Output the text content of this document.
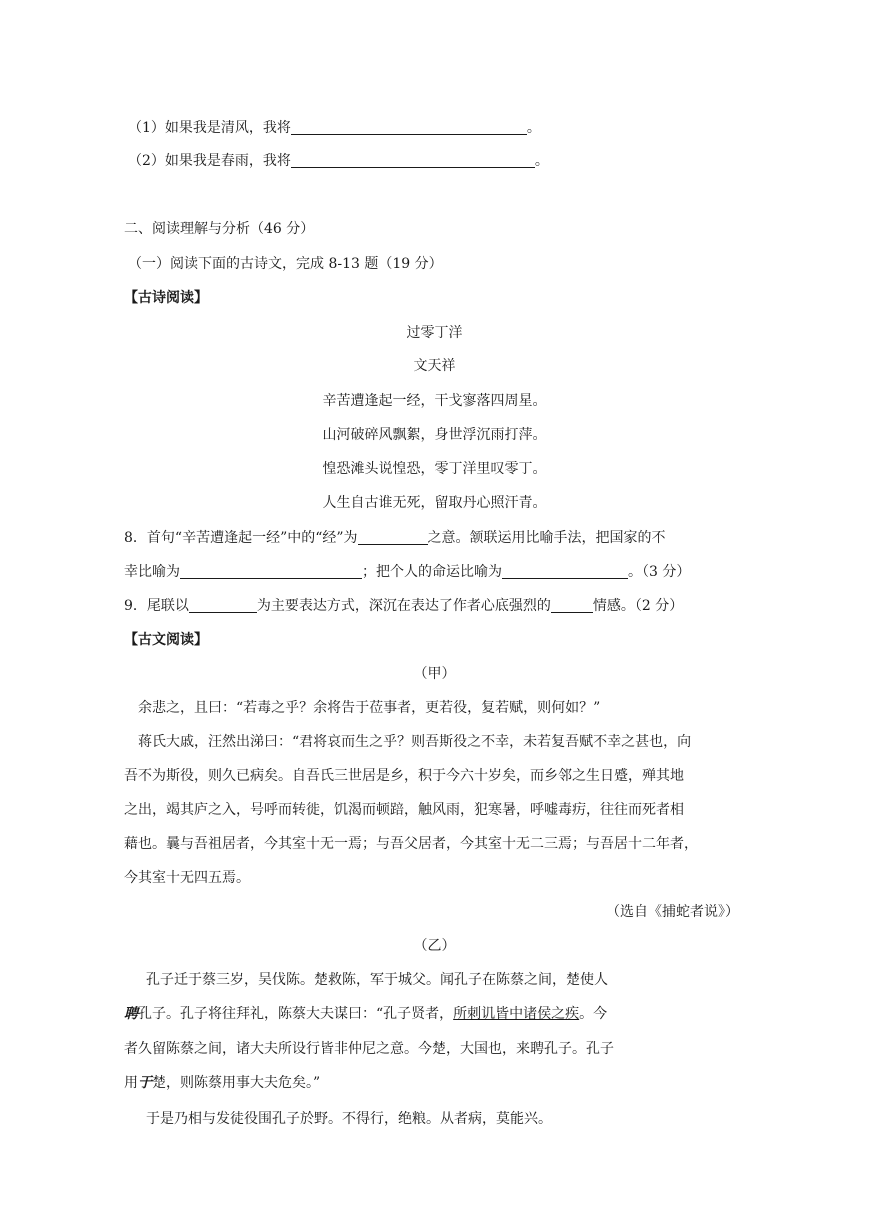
（1）如果我是清风，我将	。
（2）如果我是春雨，我将	。
二、阅读理解与分析（46 分）
（一）阅读下面的古诗文，完成 8-13 题（19 分）
【古诗阅读】
过零丁洋
文天祥
辛苦遭逢起一经，干戈寥落四周星。
山河破碎风飘絮，身世浮沉雨打萍。
惶恐滩头说惶恐，零丁洋里叹零丁。
人生自古谁无死，留取丹心照汗青。
8．首句“辛苦遭逢起一经”中的“经”为	之意。颔联运用比喻手法，把国家的不
幸比喻为	；把个人的命运比喻为	。（3 分）
9．尾联以	为主要表达方式，深沉在表达了作者心底强烈的	情感。（2 分）
【古文阅读】
（甲）
余悲之，且曰：“若毒之乎？余将告于莅事者，更若役，复若赋，则何如？”
蒋氏大戚，汪然出涕曰：“君将哀而生之乎？则吾斯役之不幸，未若复吾赋不幸之甚也，向
吾不为斯役，则久已病矣。自吾氏三世居是乡，积于今六十岁矣，而乡邻之生日蹙，殚其地
之出，竭其庐之入，号呼而转徙，饥渴而顿踣，触风雨，犯寒暑，呼嘘毒疠，往往而死者相
藉也。曩与吾祖居者，今其室十无一焉；与吾父居者，今其室十无二三焉；与吾居十二年者，
今其室十无四五焉。
（选自《捕蛇者说》）
（乙）
孔子迁于蔡三岁，吴伐陈。楚救陈，军于城父。闻孔子在陈蔡之间，楚使人
聘孔子。孔子将往拜礼，陈蔡大夫谋曰：“孔子贤者，所刺讥皆中诸侯之疾。今
者久留陈蔡之间，诸大夫所设行皆非仲尼之意。今楚，大国也，来聘孔子。孔子
用于楚，则陈蔡用事大夫危矣。”
于是乃相与发徒役围孔子於野。不得行，绝粮。从者病，莫能兴。
